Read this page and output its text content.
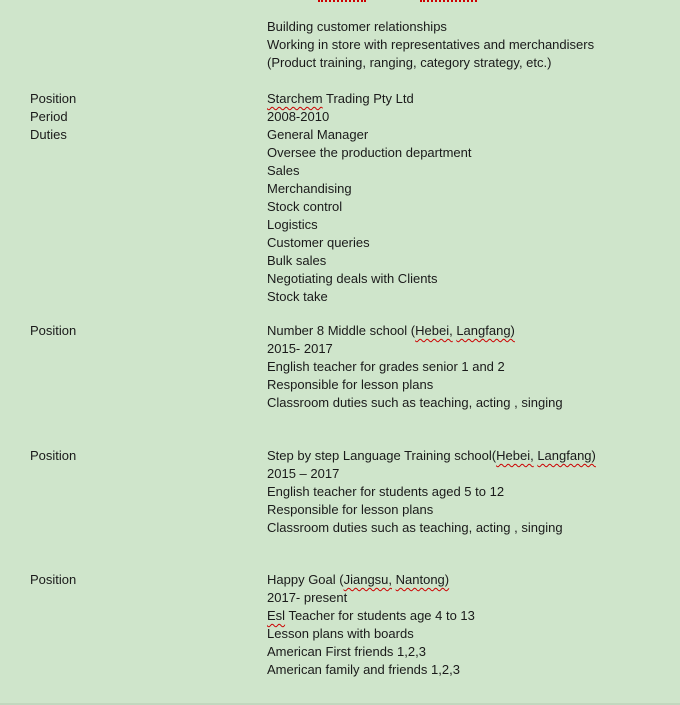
Building customer relationships
Working in store with representatives and merchandisers
(Product training, ranging, category strategy, etc.)
Position	Starchem Trading Pty Ltd
Period	2008-2010
Duties	General Manager
Oversee the production department
Sales
Merchandising
Stock control
Logistics
Customer queries
Bulk sales
Negotiating deals with Clients
Stock take
Position	Number 8 Middle school (Hebei, Langfang)
2015- 2017
English teacher for grades senior 1 and 2
Responsible for lesson plans
Classroom duties such as teaching, acting , singing
Position	Step by step Language Training school(Hebei, Langfang)
2015 – 2017
English teacher for students aged 5 to 12
Responsible for lesson plans
Classroom duties such as teaching, acting , singing
Position	Happy Goal (Jiangsu, Nantong)
2017- present
Esl Teacher for students age 4 to 13
Lesson plans with boards
American First friends 1,2,3
American family and friends 1,2,3
